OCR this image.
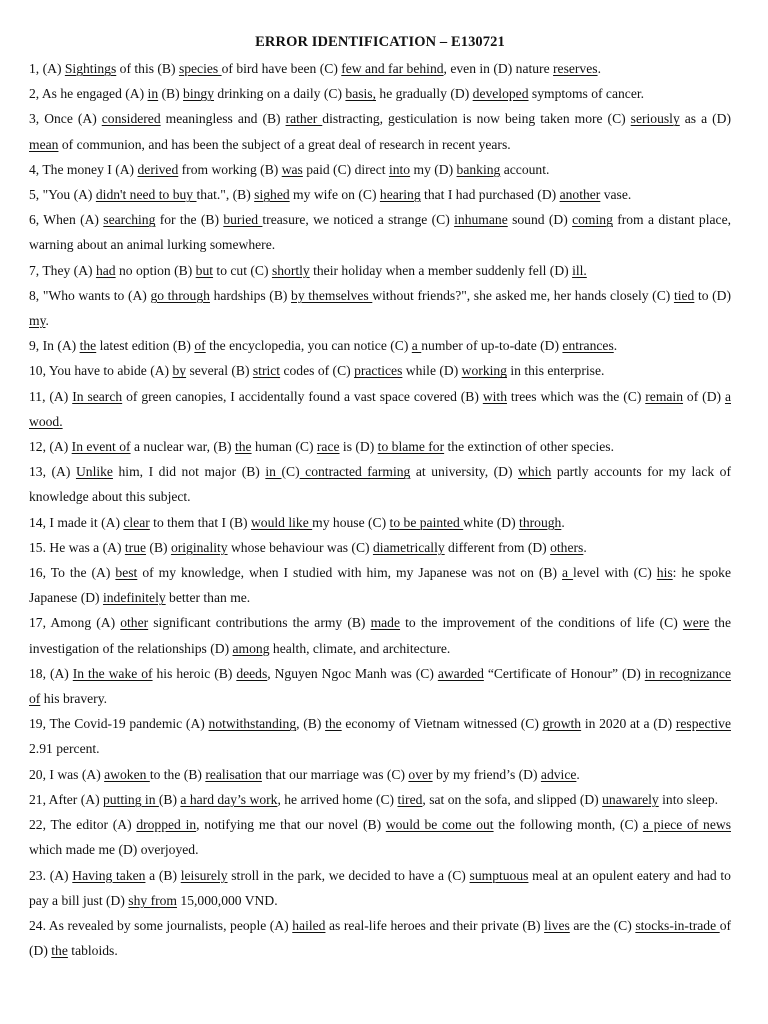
ERROR IDENTIFICATION – E130721

1, (A) Sightings of this (B) species of bird have been (C) few and far behind, even in (D) nature reserves.

2, As he engaged (A) in (B) bingy drinking on a daily (C) basis, he gradually (D) developed symptoms of cancer.

3, Once (A) considered meaningless and (B) rather distracting, gesticulation is now being taken more (C) seriously as a (D) mean of communion, and has been the subject of a great deal of research in recent years.

4, The money I (A) derived from working (B) was paid (C) direct into my (D) banking account.

5, "You (A) didn't need to buy that.", (B) sighed my wife on (C) hearing that I had purchased (D) another vase.

6, When (A) searching for the (B) buried treasure, we noticed a strange (C) inhumane sound (D) coming from a distant place, warning about an animal lurking somewhere.

7, They (A) had no option (B) but to cut (C) shortly their holiday when a member suddenly fell (D) ill.

8, "Who wants to (A) go through hardships (B) by themselves without friends?", she asked me, her hands closely (C) tied to (D) my.

9, In (A) the latest edition (B) of the encyclopedia, you can notice (C) a number of up-to-date (D) entrances.

10, You have to abide (A) by several (B) strict codes of (C) practices while (D) working in this enterprise.

11, (A) In search of green canopies, I accidentally found a vast space covered (B) with trees which was the (C) remain of (D) a wood.

12, (A) In event of a nuclear war, (B) the human (C) race is (D) to blame for the extinction of other species.

13, (A) Unlike him, I did not major (B) in (C) contracted farming at university, (D) which partly accounts for my lack of knowledge about this subject.

14, I made it (A) clear to them that I (B) would like my house (C) to be painted white (D) through.

15. He was a (A) true (B) originality whose behaviour was (C) diametrically different from (D) others.

16, To the (A) best of my knowledge, when I studied with him, my Japanese was not on (B) a level with (C) his: he spoke Japanese (D) indefinitely better than me.

17, Among (A) other significant contributions the army (B) made to the improvement of the conditions of life (C) were the investigation of the relationships (D) among health, climate, and architecture.

18, (A) In the wake of his heroic (B) deeds, Nguyen Ngoc Manh was (C) awarded “Certificate of Honour” (D) in recognizance of his bravery.

19, The Covid-19 pandemic (A) notwithstanding, (B) the economy of Vietnam witnessed (C) growth in 2020 at a (D) respective 2.91 percent.

20, I was (A) awoken to the (B) realisation that our marriage was (C) over by my friend’s (D) advice.

21, After (A) putting in (B) a hard day’s work, he arrived home (C) tired, sat on the sofa, and slipped (D) unawarely into sleep.

22, The editor (A) dropped in, notifying me that our novel (B) would be come out the following month, (C) a piece of news which made me (D) overjoyed.

23. (A) Having taken a (B) leisurely stroll in the park, we decided to have a (C) sumptuous meal at an opulent eatery and had to pay a bill just (D) shy from 15,000,000 VND.

24. As revealed by some journalists, people (A) hailed as real-life heroes and their private (B) lives are the (C) stocks-in-trade of (D) the tabloids.
